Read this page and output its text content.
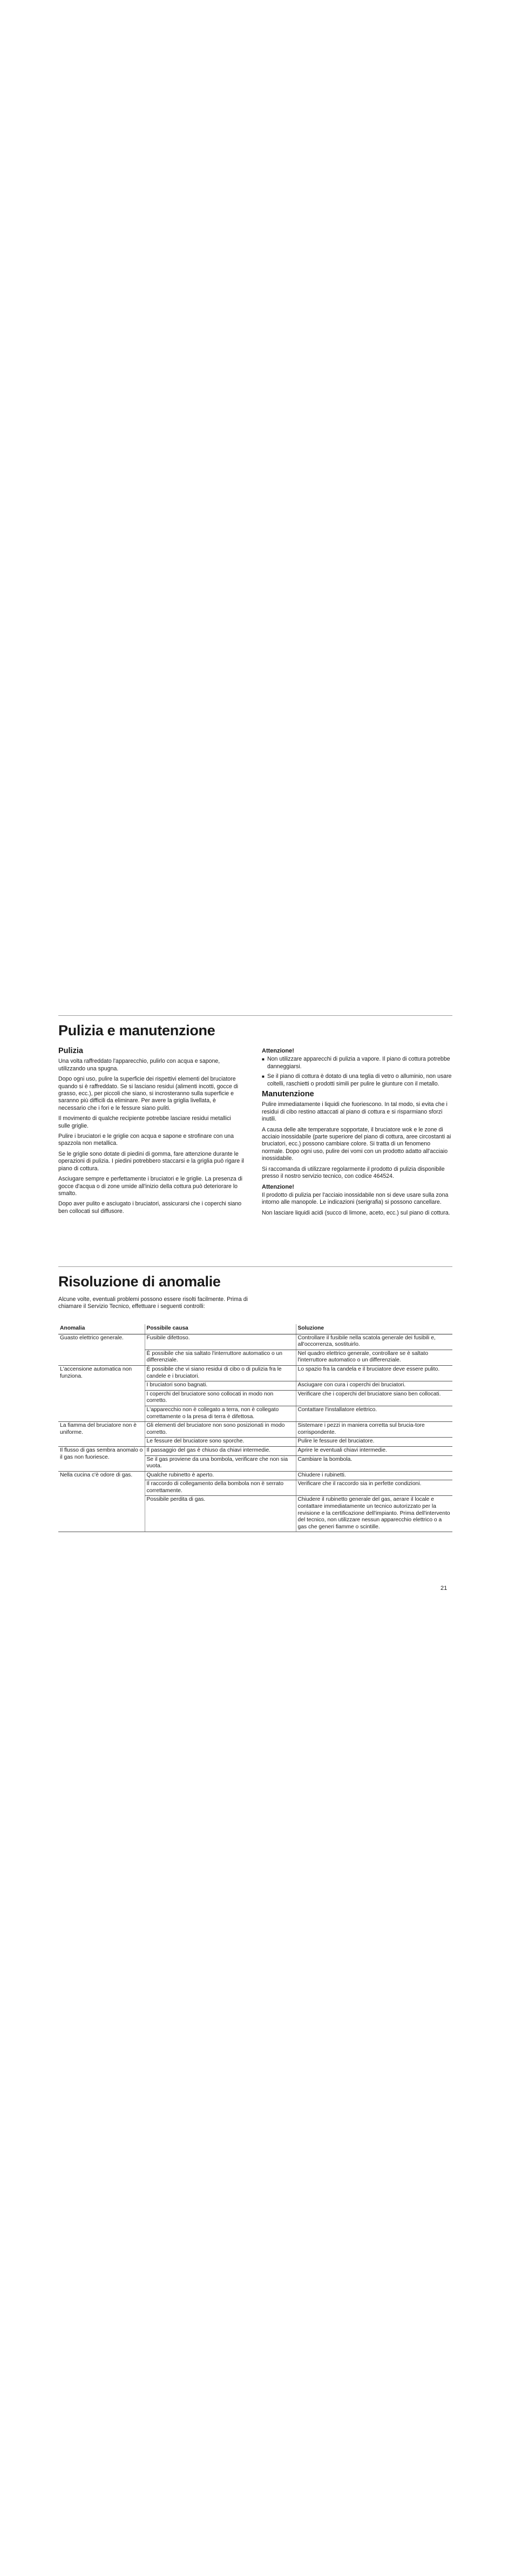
Pulizia e manutenzione
Pulizia

Una volta raffreddato l'apparecchio, pulirlo con acqua e sapone, utilizzando una spugna.

Dopo ogni uso, pulire la superficie dei rispettivi elementi del bruciatore quando si è raffreddato. Se si lasciano residui (alimenti incotti, gocce di grasso, ecc.), per piccoli che siano, si incrosteranno sulla superficie e saranno più difficili da eliminare. Per avere la griglia livellata, è necessario che i fori e le fessure siano puliti.

Il movimento di qualche recipiente potrebbe lasciare residui metallici sulle griglie.

Pulire i bruciatori e le griglie con acqua e sapone e strofinare con una spazzola non metallica.

Se le griglie sono dotate di piedini di gomma, fare attenzione durante le operazioni di pulizia. I piedini potrebbero staccarsi e la griglia può rigare il piano di cottura.

Asciugare sempre e perfettamente i bruciatori e le griglie. La presenza di gocce d'acqua o di zone umide all'inizio della cottura può deteriorare lo smalto.

Dopo aver pulito e asciugato i bruciatori, assicurarsi che i coperchi siano ben collocati sul diffusore.

Attenzione!
■ Non utilizzare apparecchi di pulizia a vapore. Il piano di cottura potrebbe danneggiarsi.
■ Se il piano di cottura è dotato di una teglia di vetro o alluminio, non usare coltelli, raschietti o prodotti simili per pulire le giunture con il metallo.
Manutenzione

Pulire immediatamente i liquidi che fuoriescono. In tal modo, si evita che i residui di cibo restino attaccati al piano di cottura e si risparmiano sforzi inutili.

A causa delle alte temperature sopportate, il bruciatore wok e le zone di acciaio inossidabile (parte superiore del piano di cottura, aree circostanti ai bruciatori, ecc.) possono cambiare colore. Si tratta di un fenomeno normale. Dopo ogni uso, pulire dei vomi con un prodotto adatto all'acciaio inossidabile.

Si raccomanda di utilizzare regolarmente il prodotto di pulizia disponibile presso il nostro servizio tecnico, con codice 464524.

Attenzione!

Il prodotto di pulizia per l'acciaio inossidabile non si deve usare sulla zona intorno alle manopole. Le indicazioni (serigrafia) si possono cancellare.

Non lasciare liquidi acidi (succo di limone, aceto, ecc.) sul piano di cottura.

Risoluzione di anomalie

Alcune volte, eventuali problemi possono essere risolti facilmente. Prima di chiamare il Servizio Tecnico, effettuare i seguenti controlli:

Anomalia	Possibile causa	Soluzione
Guasto elettrico generale.	Fusibile difettoso.	Controllare il fusibile nella scatola generale dei fusibili e, all'occorrenza, sostituirlo.
	È possibile che sia saltato l'interruttore automatico o un differenziale.	Nel quadro elettrico generale, controllare se è saltato l'interruttore automatico o un differenziale.
L'accensione automatica non funziona.	È possibile che vi siano residui di cibo o di pulizia fra le candele e i bruciatori.	Lo spazio fra la candela e il bruciatore deve essere pulito.
	I bruciatori sono bagnati.	Asciugare con cura i coperchi dei bruciatori.
	I coperchi del bruciatore sono collocati in modo non corretto.	Verificare che i coperchi del bruciatore siano ben collocati.
	L'apparecchio non è collegato a terra, non è collegato correttamente o la presa di terra è difettosa.	Contattare l'installatore elettrico.
La fiamma del bruciatore non è uniforme.	Gli elementi del bruciatore non sono posizionati in modo corretto.	Sistemare i pezzi in maniera corretta sul brucia-tore corrispondente.
	Le fessure del bruciatore sono sporche.	Pulire le fessure del bruciatore.
Il flusso di gas sembra anomalo o il gas non fuoriesce.	Il passaggio del gas è chiuso da chiavi intermedie.	Aprire le eventuali chiavi intermedie.
	Se il gas proviene da una bombola, verificare che non sia vuota.	Cambiare la bombola.
Nella cucina c'è odore di gas.	Qualche rubinetto è aperto.	Chiudere i rubinetti.
	Il raccordo di collegamento della bombola non è serrato correttamente.	Verificare che il raccordo sia in perfette condizioni.
	Possibile perdita di gas.	Chiudere il rubinetto generale del gas, aerare il locale e contattare immediatamente un tecnico autorizzato per la revisione e la certificazione dell'impianto. Prima dell'intervento del tecnico, non utilizzare nessun apparecchio elettrico o a gas che generi fiamme o scintille.
21
